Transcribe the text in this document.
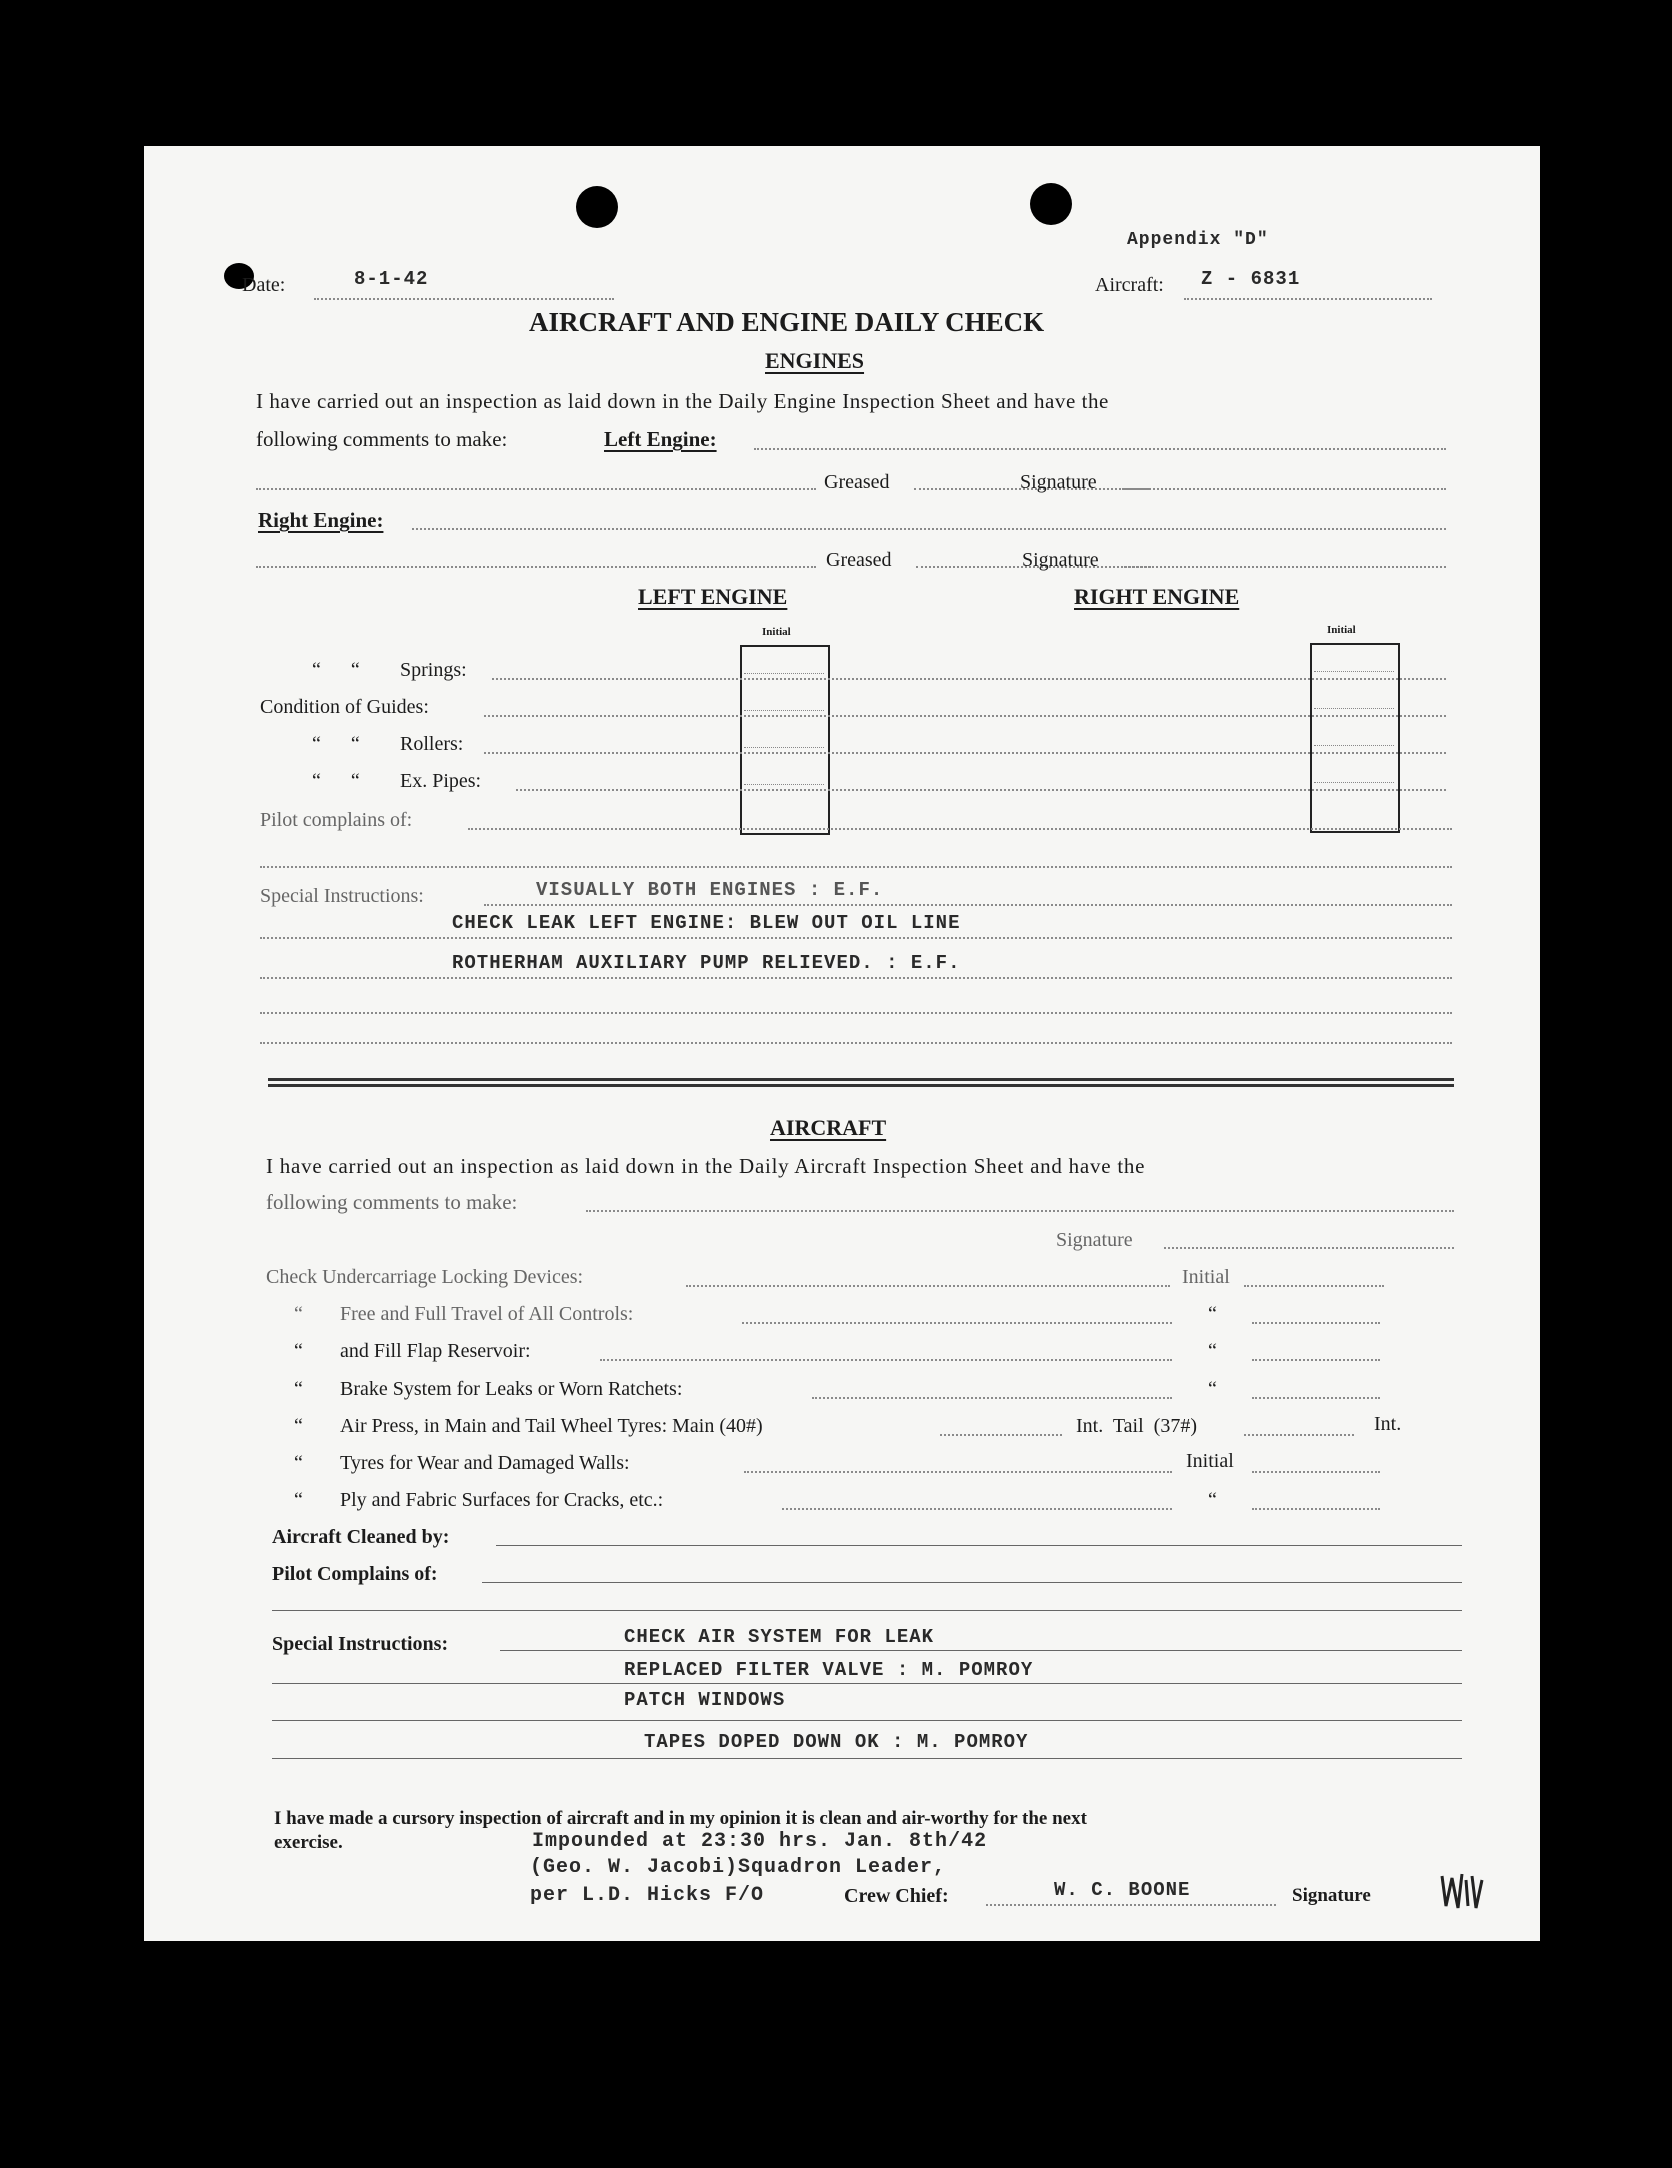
Appendix "D"
Date:	8-1-42	Aircraft: Z - 6831
AIRCRAFT AND ENGINE DAILY CHECK
ENGINES
I have carried out an inspection as laid down in the Daily Engine Inspection Sheet and have the
following comments to make:	Left Engine:
Greased	Signature
Right Engine:
Greased	Signature
LEFT ENGINE	RIGHT ENGINE
Initial	Initial
“      “ Springs:
Condition of Guides:
“      “ Rollers:
“      “ Ex. Pipes:
Pilot complains of:
Special Instructions:	VISUALLY BOTH ENGINES : E.F.
CHECK LEAK LEFT ENGINE: BLEW OUT OIL LINE
ROTHERHAM AUXILIARY PUMP RELIEVED. : E.F.
AIRCRAFT
I have carried out an inspection as laid down in the Daily Aircraft Inspection Sheet and have the
following comments to make:
Signature
Check Undercarriage Locking Devices:	Initial
“ Free and Full Travel of All Controls:	“
“ and Fill Flap Reservoir:	“
“ Brake System for Leaks or Worn Ratchets:	“
“ Air Press, in Main and Tail Wheel Tyres: Main (40#)	Int.  Tail  (37#)	Int.
“ Tyres for Wear and Damaged Walls:	Initial
“ Ply and Fabric Surfaces for Cracks, etc.:	“
Aircraft Cleaned by:
Pilot Complains of:
Special Instructions:	CHECK AIR SYSTEM FOR LEAK
REPLACED FILTER VALVE : M. POMROY
PATCH WINDOWS
TAPES DOPED DOWN OK : M. POMROY
I have made a cursory inspection of aircraft and in my opinion it is clean and air-worthy for the next
exercise.	Impounded at 23:30 hrs. Jan. 8th/42
(Geo. W. Jacobi)Squadron Leader,
per L.D. Hicks F/O	Crew Chief:	W. C. BOONE	Signature
